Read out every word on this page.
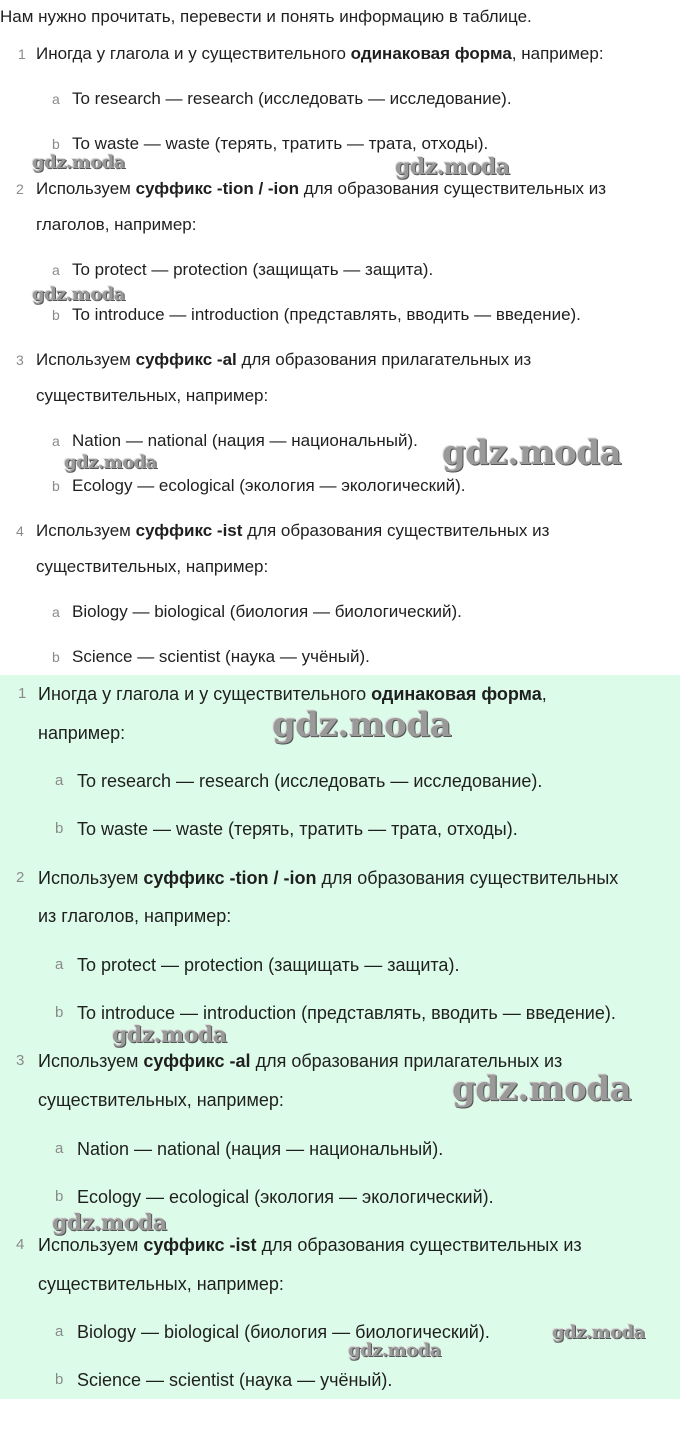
Нам нужно прочитать, перевести и понять информацию в таблице.
1 Иногда у глагола и у существительного одинаковая форма, например:
a To research — research (исследовать — исследование).
b To waste — waste (терять, тратить — трата, отходы).
2 Используем суффикс -tion / -ion для образования существительных из
глаголов, например:
a To protect — protection (защищать — защита).
b To introduce — introduction (представлять, вводить — введение).
3 Используем суффикс -al для образования прилагательных из
существительных, например:
a Nation — national (нация — национальный).
b Ecology — ecological (экология — экологический).
4 Используем суффикс -ist для образования существительных из
существительных, например:
a Biology — biological (биология — биологический).
b Science — scientist (наука — учёный).
1 Иногда у глагола и у существительного одинаковая форма,
например:
a To research — research (исследовать — исследование).
b To waste — waste (терять, тратить — трата, отходы).
2 Используем суффикс -tion / -ion для образования существительных
из глаголов, например:
a To protect — protection (защищать — защита).
b To introduce — introduction (представлять, вводить — введение).
3 Используем суффикс -al для образования прилагательных из
существительных, например:
a Nation — national (нация — национальный).
b Ecology — ecological (экология — экологический).
4 Используем суффикс -ist для образования существительных из
существительных, например:
a Biology — biological (биология — биологический).
b Science — scientist (наука — учёный).
gdz.moda	gdz.moda
gdz.moda
gdz.moda
gdz.moda
gdz.moda
gdz.moda
gdz.moda
gdz.moda
gdz.moda
gdz.moda
